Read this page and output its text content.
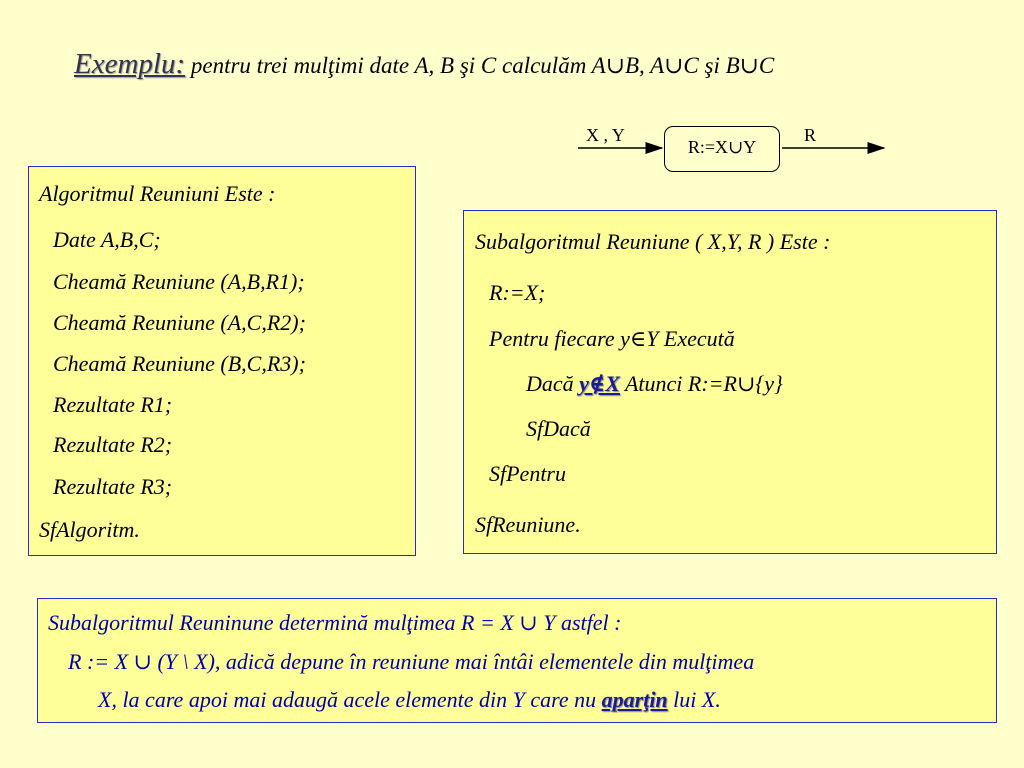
Exemplu: pentru trei mulţimi date A, B şi C calculăm A∪B, A∪C şi B∪C
X , Y
R:=X∪Y
R
Algoritmul Reuniuni Este :
Date A,B,C;
Cheamă Reuniune (A,B,R1);
Cheamă Reuniune (A,C,R2);
Cheamă Reuniune (B,C,R3);
Rezultate R1;
Rezultate R2;
Rezultate R3;
SfAlgoritm.
Subalgoritmul Reuniune ( X,Y, R ) Este :
R:=X;
Pentru fiecare y∈Y Execută
Dacă y∉X Atunci R:=R∪{y}
SfDacă
SfPentru
SfReuniune.
Subalgoritmul Reuninune determină mulţimea R = X ∪ Y astfel :
R := X ∪ (Y \ X), adică depune în reuniune mai întâi elementele din mulţimea
X, la care apoi mai adaugă acele elemente din Y care nu aparţin lui X.
